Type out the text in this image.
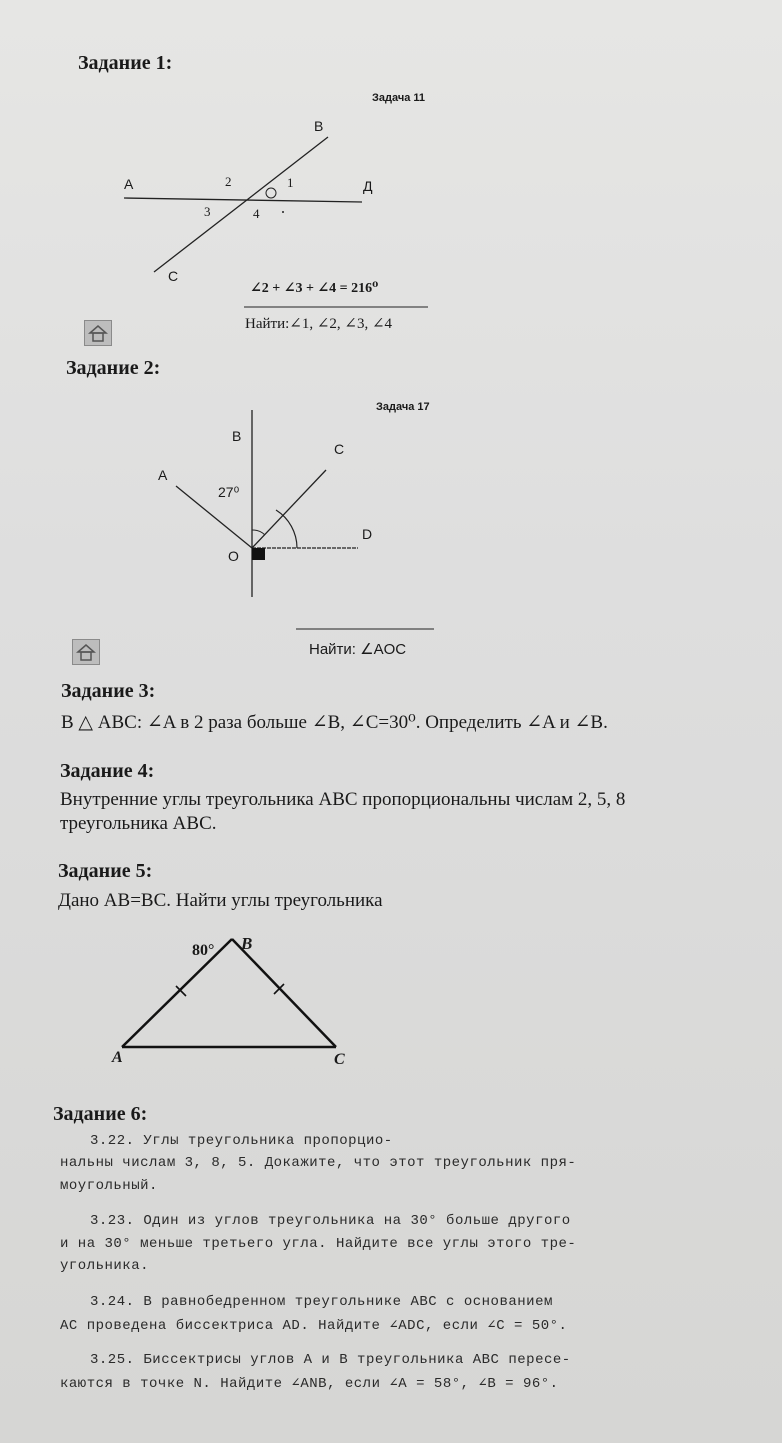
Задание 1:
Задача 11
B
A	Д
C
2	1
3	4
∠2 + ∠3 + ∠4 = 216⁰
Найти:∠1, ∠2, ∠3, ∠4
Задание 2:
Задача 17
B
C
A
27⁰
D
O
Найти: ∠AOC
Задание 3:
В △ ABC: ∠A в 2 раза больше ∠B, ∠C=30⁰. Определить ∠A и ∠B.
Задание 4:
Внутренние углы треугольника ABC пропорциональны числам 2, 5, 8
треугольника ABC.
Задание 5:
Дано AB=BC. Найти углы треугольника
80° B
A	C
Задание 6:
3.22. Углы треугольника пропорцио-
нальны числам 3, 8, 5. Докажите, что этот треугольник пря-
моугольный.
3.23. Один из углов треугольника на 30° больше другого
и на 30° меньше третьего угла. Найдите все углы этого тре-
угольника.
3.24. В равнобедренном треугольнике ABC с основанием
AC проведена биссектриса AD. Найдите ∠ADC, если ∠C = 50°.
3.25. Биссектрисы углов A и B треугольника ABC пересе-
каются в точке N. Найдите ∠ANB, если ∠A = 58°, ∠B = 96°.
